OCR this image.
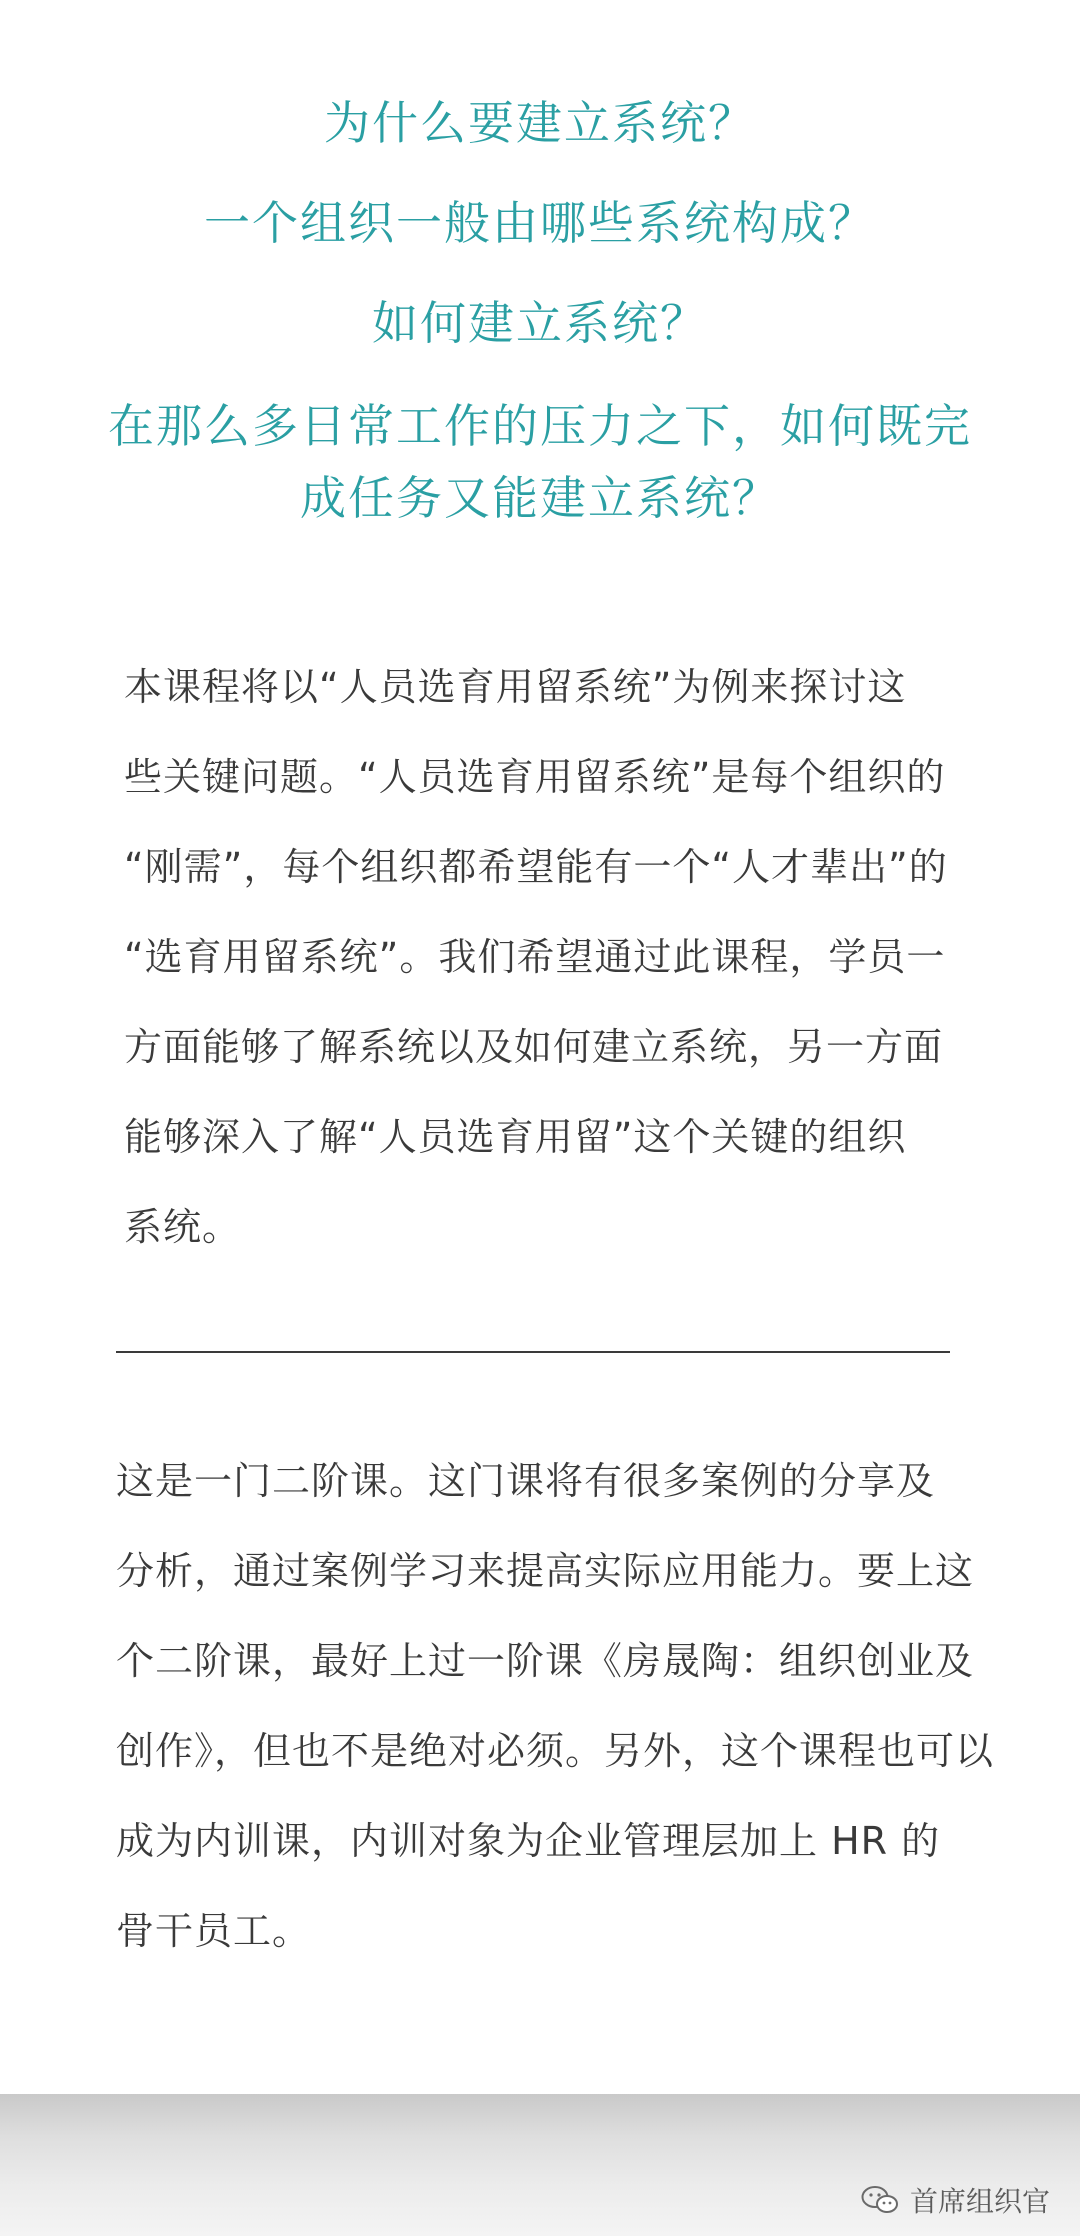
为什么要建立系统？

一个组织一般由哪些系统构成？

如何建立系统？

在那么多日常工作的压力之下，如何既完
成任务又能建立系统？

本课程将以“人员选育用留系统”为例来探讨这
些关键问题。“人员选育用留系统”是每个组织的
“刚需”，每个组织都希望能有一个“人才辈出”的
“选育用留系统”。我们希望通过此课程，学员一
方面能够了解系统以及如何建立系统，另一方面
能够深入了解“人员选育用留”这个关键的组织
系统。
这是一门二阶课。这门课将有很多案例的分享及
分析，通过案例学习来提高实际应用能力。要上这
个二阶课，最好上过一阶课《房晟陶：组织创业及
创作》，但也不是绝对必须。另外，这个课程也可以
成为内训课，内训对象为企业管理层加上 HR 的
骨干员工。
首席组织官
